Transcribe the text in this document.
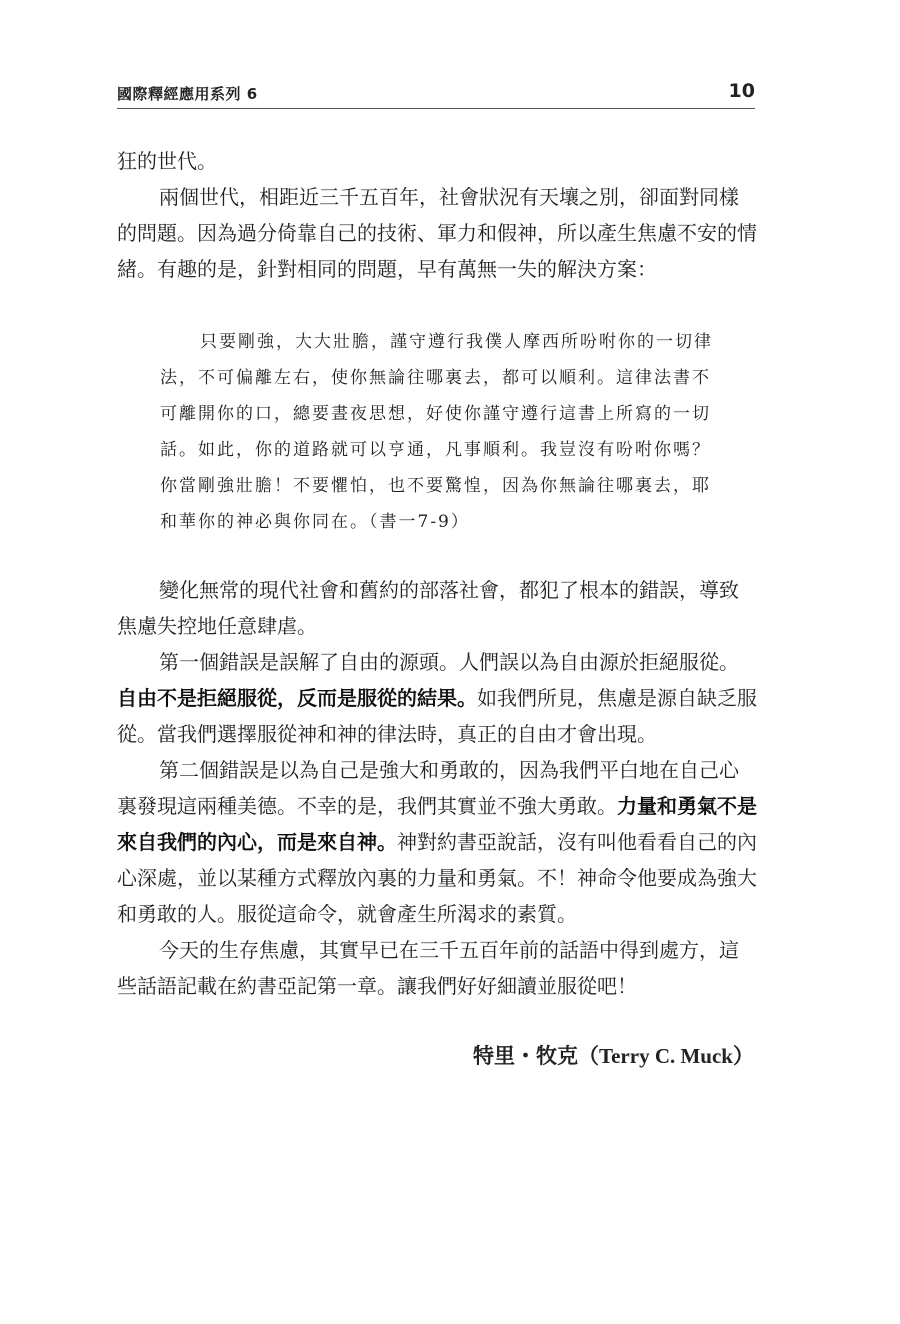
國際釋經應用系列 6	10

狂的世代。

兩個世代，相距近三千五百年，社會狀況有天壤之別，卻面對同樣的問題。因為過分倚靠自己的技術、軍力和假神，所以產生焦慮不安的情緒。有趣的是，針對相同的問題，早有萬無一失的解決方案：

只要剛強，大大壯膽，謹守遵行我僕人摩西所吩咐你的一切律法，不可偏離左右，使你無論往哪裏去，都可以順利。這律法書不可離開你的口，總要晝夜思想，好使你謹守遵行這書上所寫的一切話。如此，你的道路就可以亨通，凡事順利。我豈沒有吩咐你嗎？你當剛強壯膽！不要懼怕，也不要驚惶，因為你無論往哪裏去，耶和華你的神必與你同在。（書一7-9）

變化無常的現代社會和舊約的部落社會，都犯了根本的錯誤，導致焦慮失控地任意肆虐。

第一個錯誤是誤解了自由的源頭。人們誤以為自由源於拒絕服從。自由不是拒絕服從，反而是服從的結果。如我們所見，焦慮是源自缺乏服從。當我們選擇服從神和神的律法時，真正的自由才會出現。

第二個錯誤是以為自己是強大和勇敢的，因為我們平白地在自己心裏發現這兩種美德。不幸的是，我們其實並不強大勇敢。力量和勇氣不是來自我們的內心，而是來自神。神對約書亞說話，沒有叫他看看自己的內心深處，並以某種方式釋放內裏的力量和勇氣。不！神命令他要成為強大和勇敢的人。服從這命令，就會產生所渴求的素質。

今天的生存焦慮，其實早已在三千五百年前的話語中得到處方，這些話語記載在約書亞記第一章。讓我們好好細讀並服從吧！

特里・牧克（Terry C. Muck）
